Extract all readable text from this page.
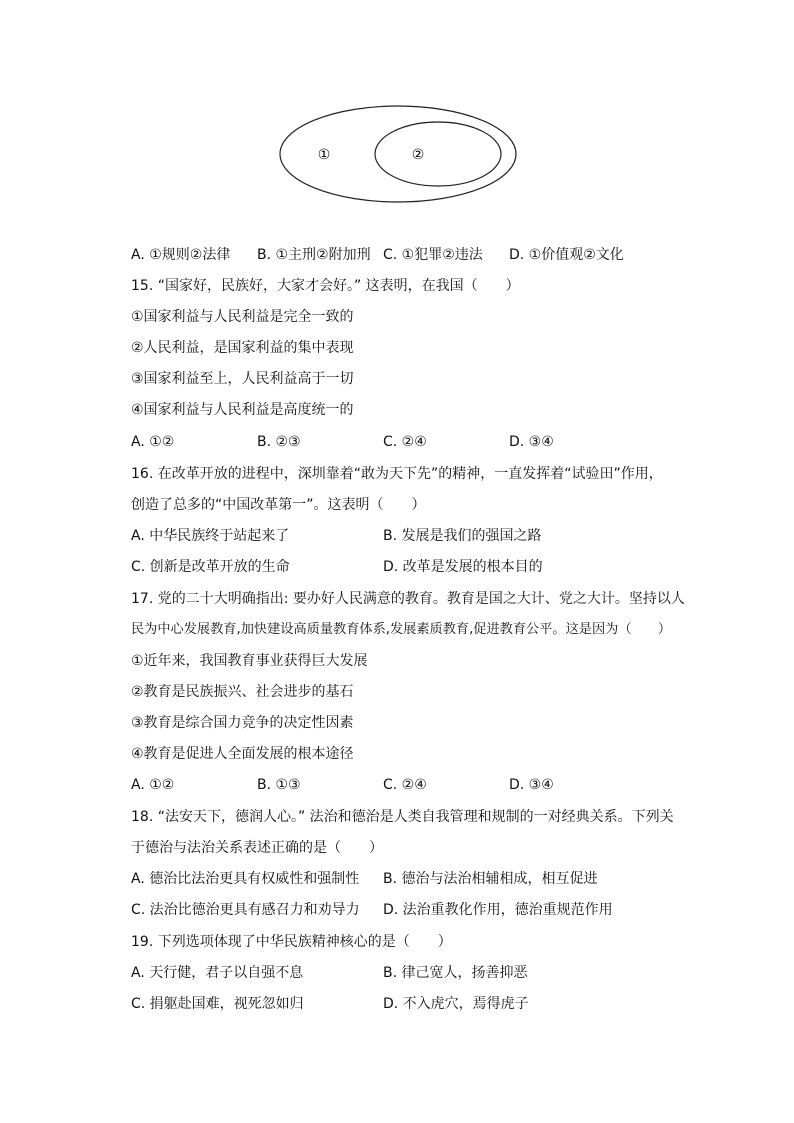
①	②
A. ①规则②法律 B. ①主刑②附加刑 C. ①犯罪②违法 D. ①价值观②文化
15. “国家好，民族好，大家才会好。” 这表明，在我国（　　）
①国家利益与人民利益是完全一致的
②人民利益，是国家利益的集中表现
③国家利益至上，人民利益高于一切
④国家利益与人民利益是高度统一的
A. ①②	B. ②③	C. ②④	D. ③④
16. 在改革开放的进程中，深圳靠着“敢为天下先”的精神，一直发挥着“试验田”作用，
创造了总多的“中国改革第一”。这表明（　　）
A. 中华民族终于站起来了	B. 发展是我们的强国之路
C. 创新是改革开放的生命	D. 改革是发展的根本目的
17. 党的二十大明确指出: 要办好人民满意的教育。教育是国之大计、党之大计。坚持以人
民为中心发展教育,加快建设高质量教育体系,发展素质教育,促进教育公平。这是因为（　　）
①近年来，我国教育事业获得巨大发展
②教育是民族振兴、社会进步的基石
③教育是综合国力竞争的决定性因素
④教育是促进人全面发展的根本途径
A. ①②	B. ①③	C. ②④	D. ③④
18. “法安天下，德润人心。” 法治和德治是人类自我管理和规制的一对经典关系。下列关
于德治与法治关系表述正确的是（　　）
A. 德治比法治更具有权威性和强制性 B. 德治与法治相辅相成，相互促进
C. 法治比德治更具有感召力和劝导力 D. 法治重教化作用，德治重规范作用
19. 下列选项体现了中华民族精神核心的是（　　）
A. 天行健，君子以自强不息	B. 律己宽人，扬善抑恶
C. 捐躯赴国难，视死忽如归	D. 不入虎穴，焉得虎子
